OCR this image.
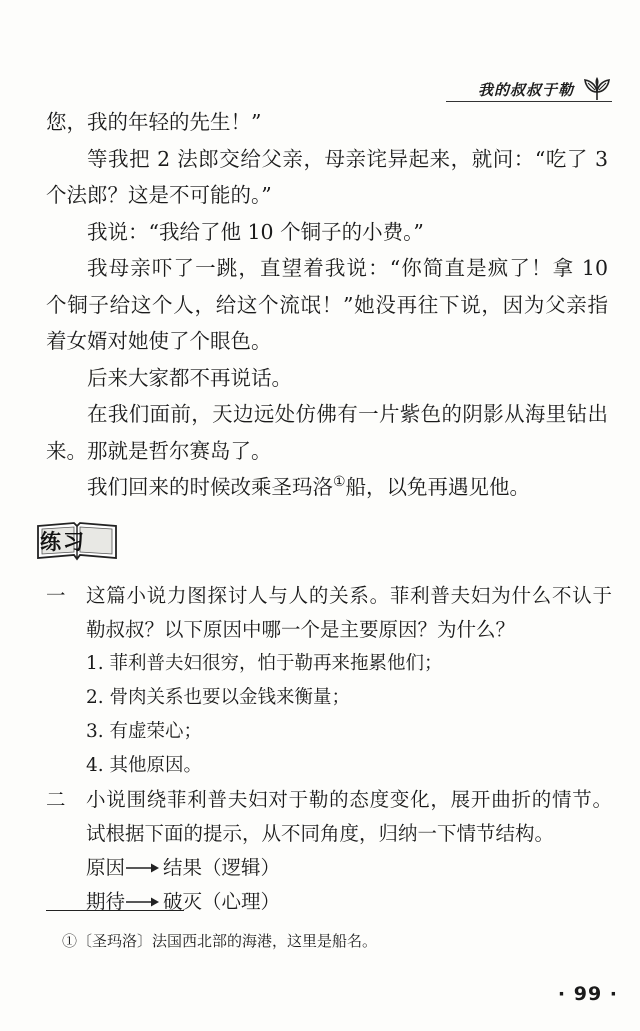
我的叔叔于勒

您，我的年轻的先生！”

等我把 2 法郎交给父亲，母亲诧异起来，就问：“吃了 3 个法郎？这是不可能的。”

我说：“我给了他 10 个铜子的小费。”

我母亲吓了一跳，直望着我说：“你简直是疯了！拿 10 个铜子给这个人，给这个流氓！”她没再往下说，因为父亲指着女婿对她使了个眼色。

后来大家都不再说话。

在我们面前，天边远处仿佛有一片紫色的阴影从海里钻出来。那就是哲尔赛岛了。

我们回来的时候改乘圣玛洛①船，以免再遇见他。

练习
一	这篇小说力图探讨人与人的关系。菲利普夫妇为什么不认于勒叔叔？以下原因中哪一个是主要原因？为什么？

1. 菲利普夫妇很穷，怕于勒再来拖累他们；
2. 骨肉关系也要以金钱来衡量；
3. 有虚荣心；
4. 其他原因。
二	小说围绕菲利普夫妇对于勒的态度变化，展开曲折的情节。试根据下面的提示，从不同角度，归纳一下情节结构。

原因 结果（逻辑）
期待 破灭（心理）
①〔圣玛洛〕法国西北部的海港，这里是船名。
· 99 ·
